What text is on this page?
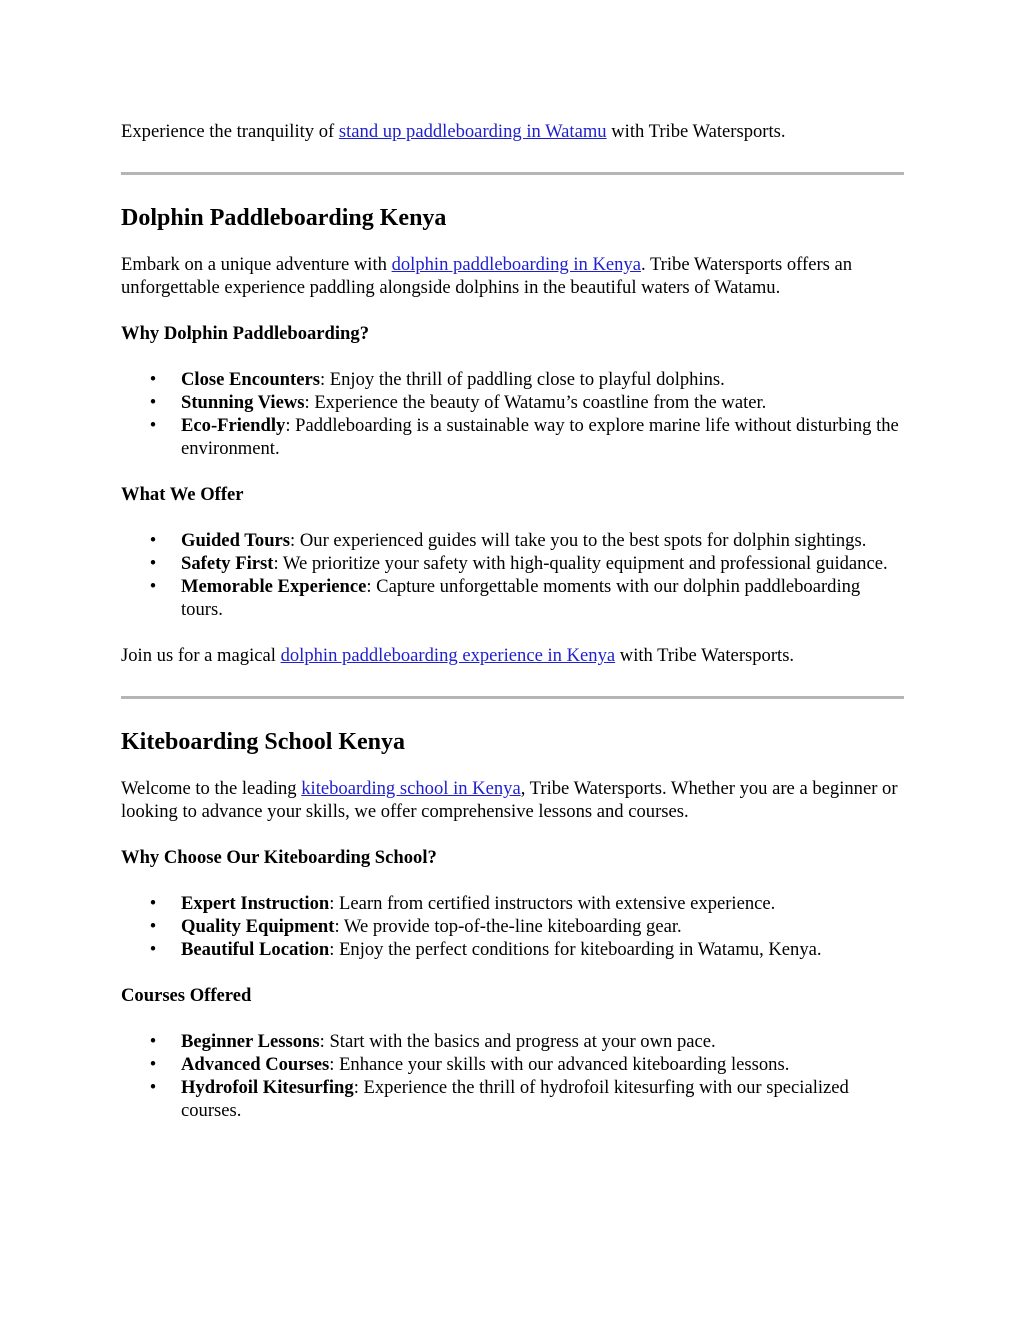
Experience the tranquility of stand up paddleboarding in Watamu with Tribe Watersports.

Dolphin Paddleboarding Kenya

Embark on a unique adventure with dolphin paddleboarding in Kenya. Tribe Watersports offers an unforgettable experience paddling alongside dolphins in the beautiful waters of Watamu.

Why Dolphin Paddleboarding?
• Close Encounters: Enjoy the thrill of paddling close to playful dolphins.
• Stunning Views: Experience the beauty of Watamu’s coastline from the water.
• Eco-Friendly: Paddleboarding is a sustainable way to explore marine life without disturbing the environment.
What We Offer
• Guided Tours: Our experienced guides will take you to the best spots for dolphin sightings.
• Safety First: We prioritize your safety with high-quality equipment and professional guidance.
• Memorable Experience: Capture unforgettable moments with our dolphin paddleboarding tours.

Join us for a magical dolphin paddleboarding experience in Kenya with Tribe Watersports.

Kiteboarding School Kenya

Welcome to the leading kiteboarding school in Kenya, Tribe Watersports. Whether you are a beginner or looking to advance your skills, we offer comprehensive lessons and courses.

Why Choose Our Kiteboarding School?
• Expert Instruction: Learn from certified instructors with extensive experience.
• Quality Equipment: We provide top-of-the-line kiteboarding gear.
• Beautiful Location: Enjoy the perfect conditions for kiteboarding in Watamu, Kenya.
Courses Offered
• Beginner Lessons: Start with the basics and progress at your own pace.
• Advanced Courses: Enhance your skills with our advanced kiteboarding lessons.
• Hydrofoil Kitesurfing: Experience the thrill of hydrofoil kitesurfing with our specialized courses.
